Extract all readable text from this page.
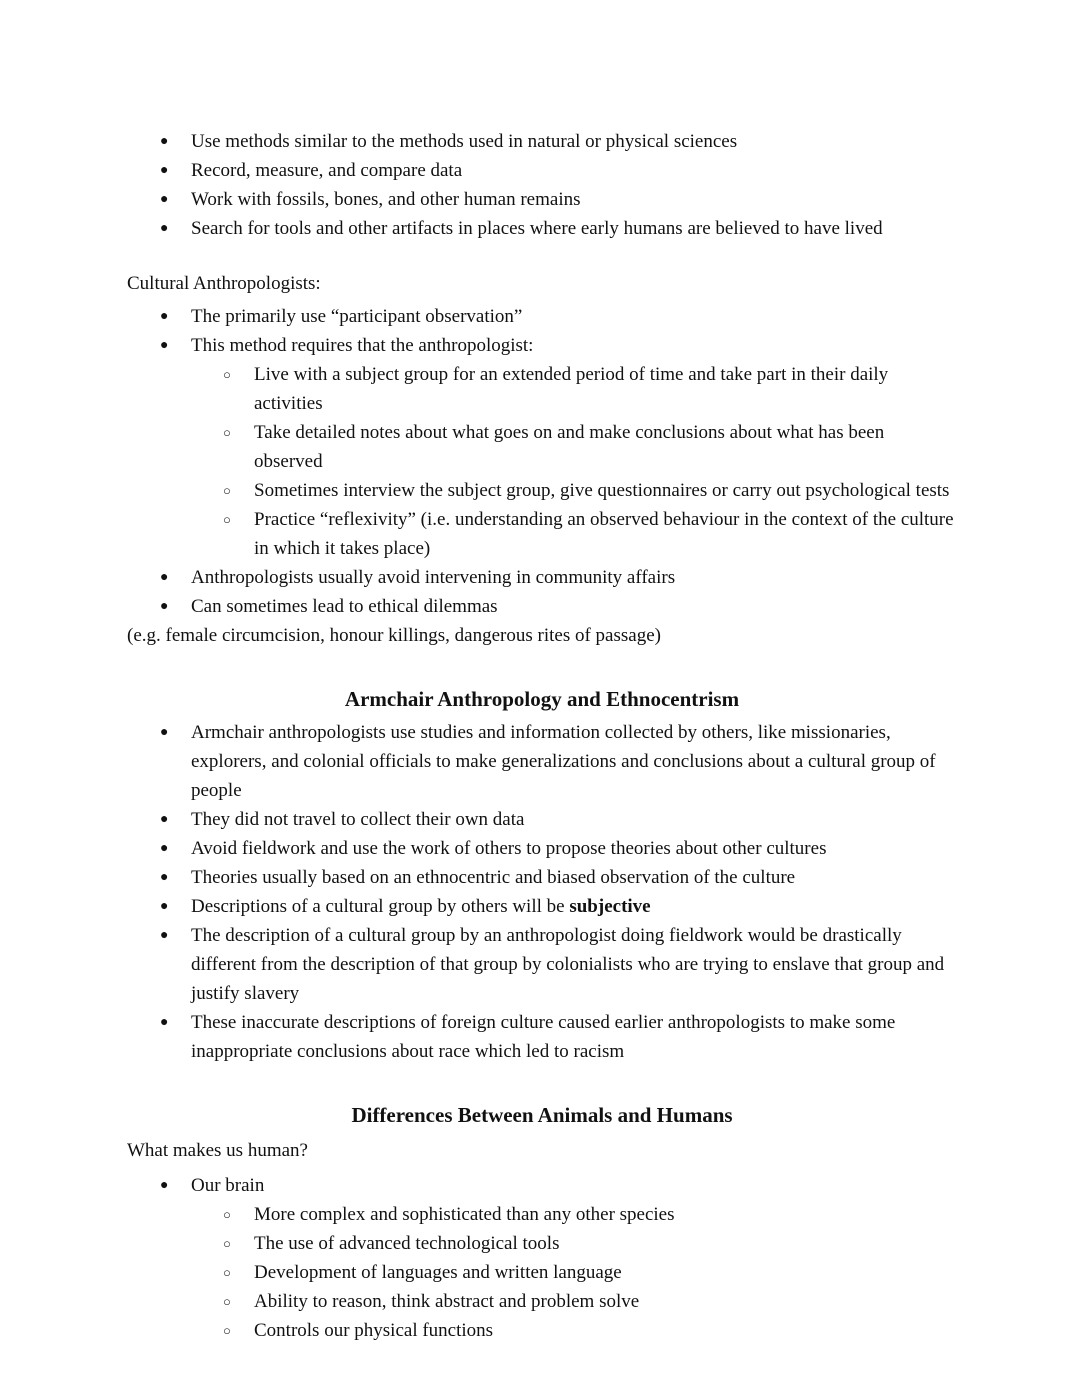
●	Use methods similar to the methods used in natural or physical sciences
●	Record, measure, and compare data
●	Work with fossils, bones, and other human remains
●	Search for tools and other artifacts in places where early humans are believed to have lived

Cultural Anthropologists:

●	The primarily use “participant observation”
●	This method requires that the anthropologist:
○	Live with a subject group for an extended period of time and take part in their daily activities
○	Take detailed notes about what goes on and make conclusions about what has been observed
○	Sometimes interview the subject group, give questionnaires or carry out psychological tests
○	Practice “reflexivity” (i.e. understanding an observed behaviour in the context of the culture in which it takes place)
●	Anthropologists usually avoid intervening in community affairs
●	Can sometimes lead to ethical dilemmas

(e.g. female circumcision, honour killings, dangerous rites of passage)

Armchair Anthropology and Ethnocentrism
●	Armchair anthropologists use studies and information collected by others, like missionaries, explorers, and colonial officials to make generalizations and conclusions about a cultural group of people
●	They did not travel to collect their own data
●	Avoid fieldwork and use the work of others to propose theories about other cultures
●	Theories usually based on an ethnocentric and biased observation of the culture
●	Descriptions of a cultural group by others will be subjective
●	The description of a cultural group by an anthropologist doing fieldwork would be drastically different from the description of that group by colonialists who are trying to enslave that group and justify slavery
●	These inaccurate descriptions of foreign culture caused earlier anthropologists to make some inappropriate conclusions about race which led to racism
Differences Between Animals and Humans

What makes us human?

●	Our brain
○	More complex and sophisticated than any other species
○	The use of advanced technological tools
○	Development of languages and written language
○	Ability to reason, think abstract and problem solve
○	Controls our physical functions
